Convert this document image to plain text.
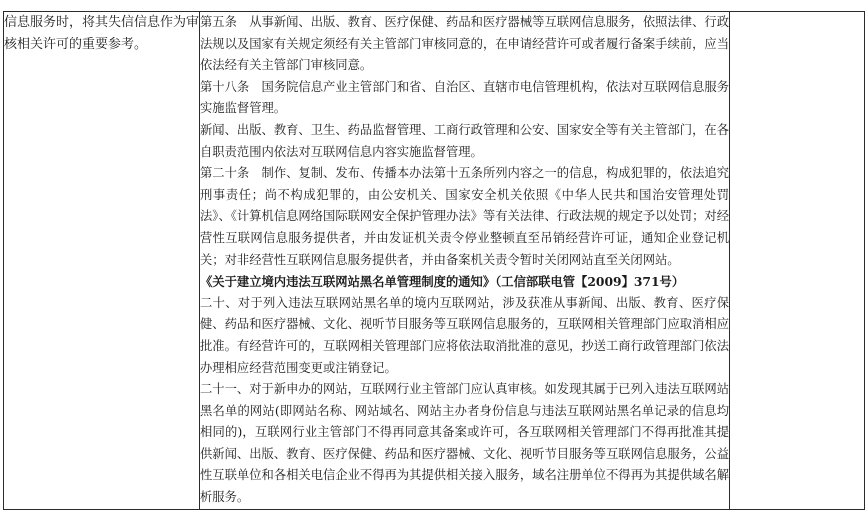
信息服务时，将其失信信息作为审核相关许可的重要参考。

第五条　从事新闻、出版、教育、医疗保健、药品和医疗器械等互联网信息服务，依照法律、行政法规以及国家有关规定须经有关主管部门审核同意的，在申请经营许可或者履行备案手续前，应当依法经有关主管部门审核同意。

第十八条　国务院信息产业主管部门和省、自治区、直辖市电信管理机构，依法对互联网信息服务实施监督管理。

新闻、出版、教育、卫生、药品监督管理、工商行政管理和公安、国家安全等有关主管部门，在各自职责范围内依法对互联网信息内容实施监督管理。

第二十条　制作、复制、发布、传播本办法第十五条所列内容之一的信息，构成犯罪的，依法追究刑事责任；尚不构成犯罪的，由公安机关、国家安全机关依照《中华人民共和国治安管理处罚法》、《计算机信息网络国际联网安全保护管理办法》等有关法律、行政法规的规定予以处罚；对经营性互联网信息服务提供者，并由发证机关责令停业整顿直至吊销经营许可证，通知企业登记机关；对非经营性互联网信息服务提供者，并由备案机关责令暂时关闭网站直至关闭网站。

《关于建立境内违法互联网站黑名单管理制度的通知》（工信部联电管【2009】371号）

二十、对于列入违法互联网站黑名单的境内互联网站，涉及获准从事新闻、出版、教育、医疗保健、药品和医疗器械、文化、视听节目服务等互联网信息服务的，互联网相关管理部门应取消相应批准。有经营许可的，互联网相关管理部门应将依法取消批准的意见，抄送工商行政管理部门依法办理相应经营范围变更或注销登记。

二十一、对于新申办的网站，互联网行业主管部门应认真审核。如发现其属于已列入违法互联网站黑名单的网站(即网站名称、网站域名、网站主办者身份信息与违法互联网站黑名单记录的信息均相同的)，互联网行业主管部门不得再同意其备案或许可，各互联网相关管理部门不得再批准其提供新闻、出版、教育、医疗保健、药品和医疗器械、文化、视听节目服务等互联网信息服务，公益性互联单位和各相关电信企业不得再为其提供相关接入服务，域名注册单位不得再为其提供域名解析服务。
